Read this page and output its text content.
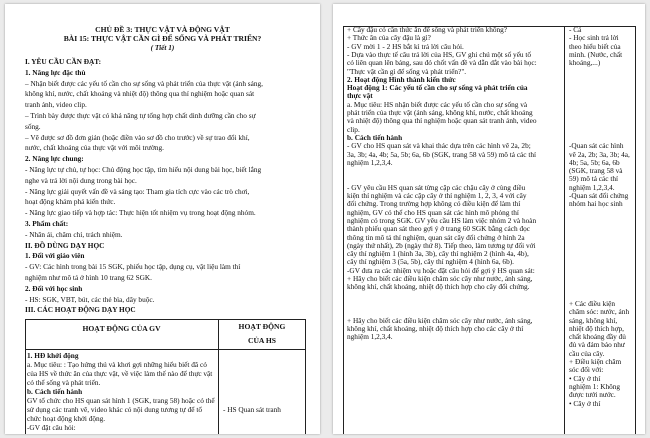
CHỦ ĐỀ 3: THỰC VẬT VÀ ĐỘNG VẬT
BÀI 15: THỰC VẬT CẦN GÌ ĐỂ SỐNG VÀ PHÁT TRIỂN?
( Tiết 1)
I. YÊU CẦU CẦN ĐẠT:
1. Năng lực đặc thù
– Nhận biết được các yếu tố cần cho sự sống và phát triển của thực vật (ánh sáng,
không khí, nước, chất khoáng và nhiệt độ) thông qua thí nghiệm hoặc quan sát
tranh ảnh, video clip.
– Trình bày được thực vật có khả năng tự tổng hợp chất dinh dưỡng cần cho sự
sống.
– Vẽ được sơ đồ đơn giản (hoặc điền vào sơ đồ cho trước) về sự trao đổi khí,
nước, chất khoáng của thực vật với môi trường.
2. Năng lực chung:
- Năng lực tự chủ, tự học: Chủ động học tập, tìm hiểu nội dung bài học, biết lắng
nghe và trả lời nội dung trong bài học.
- Năng lực giải quyết vấn đề và sáng tạo: Tham gia tích cực vào các trò chơi,
hoạt động khám phá kiến thức.
- Năng lực giao tiếp và hợp tác: Thực hiện tốt nhiệm vụ trong hoạt động nhóm.
3. Phẩm chất:
- Nhân ái, chăm chỉ, trách nhiệm.
II. ĐỒ DÙNG DẠY HỌC
1. Đối với giáo viên
- GV: Các hình trong bài 15 SGK, phiếu học tập, dụng cụ, vật liệu làm thí
nghiệm như mô tả ở hình 10 trang 62 SGK.
2. Đối với học sinh
- HS: SGK, VBT, bút, các thẻ bìa, dây buộc.
III. CÁC HOẠT ĐỘNG DẠY HỌC
HOẠT ĐỘNG CỦA GV	HOẠT ĐỘNG
CỦA HS
1. HĐ khởi động
a. Mục tiêu: : Tạo hứng thú và khơi gợi những hiểu biết đã có
của HS về thức ăn của thực vật, về việc làm thế nào để thực vật
có thể sống và phát triển.
b. Cách tiến hành
GV tổ chức cho HS quan sát hình 1 (SGK, trang 58) hoặc có thể
sử dụng các tranh vẽ, video khác có nội dung tương tự để tổ
chức hoạt động khởi động.
-GV đặt câu hỏi:
- HS Quan sát tranh
+ Cây đậu có cần thức ăn để sống và phát triển không?
+ Thức ăn của cây đậu là gì?
- GV mời 1 - 2 HS bắt kì trả lời câu hỏi.
- Dựa vào thực tế câu trả lời của HS, GV ghi chú một số yếu tố
có liên quan lên bảng, sau đó chốt vấn đề và dẫn dắt vào bài học:
"Thực vật cần gì để sống và phát triển?".
2. Hoạt động Hình thành kiến thức
Hoạt động 1: Các yếu tố cần cho sự sống và phát triển của
thực vật
a. Mục tiêu: HS nhận biết được các yếu tố cần cho sự sống và
phát triển của thực vật (ánh sáng, không khí, nước, chất khoáng
và nhiệt độ) thông qua thí nghiệm hoặc quan sát tranh ảnh, video
clip.
b. Cách tiến hành
- GV cho HS quan sát và khai thác dựa trên các hình vẽ 2a, 2b;
3a, 3b; 4a, 4b; 5a, 5b; 6a, 6b (SGK, trang 58 và 59) mô tả các thí
nghiệm 1,2,3,4.
- GV yêu cầu HS quan sát từng cặp các chậu cây ở cùng điều
kiện thí nghiệm và các cặp cây ở thí nghiệm 1, 2, 3, 4 với cây
đối chứng. Trong trường hợp không có điều kiện để làm thí
nghiệm, GV có thể cho HS quan sát các hình mô phỏng thí
nghiệm có trong SGK. GV yêu cầu HS làm việc nhóm 2 và hoàn
thành phiếu quan sát theo gợi ý ở trang 60 SGK bằng cách đọc
thông tin mô tả thí nghiệm, quan sát cây đối chứng ở hình 2a
(ngày thứ nhất), 2b (ngày thứ 8). Tiếp theo, làm tương tự đối với
cây thí nghiệm 1 (hình 3a, 3b), cây thí nghiệm 2 (hình 4a, 4b),
cây thí nghiệm 3 (5a, 5b), cây thí nghiệm 4 (hình 6a, 6b).
-GV đưa ra các nhiệm vụ hoặc đặt câu hỏi để gợi ý HS quan sát:
+ Hãy cho biết các điều kiện chăm sóc cây như nước, ánh sáng,
không khí, chất khoáng, nhiệt độ thích hợp cho cây đối chứng.
+ Hãy cho biết các điều kiện chăm sóc cây như nước, ánh sáng,
không khí, chất khoáng, nhiệt độ thích hợp cho các cây ở thí
nghiệm 1,2,3,4.
- Cá
- Học sinh trả lời
theo hiểu biết của
mình. (Nước, chất
khoáng,...)
-Quan sát các hình
vẽ 2a, 2b; 3a, 3b; 4a,
4b; 5a, 5b; 6a, 6b
(SGK, trang 58 và
59) mô tả các thí
nghiệm 1,2,3,4.
-Quan sát đối chứng
nhóm hai học sinh
+ Các điều kiện
chăm sóc: nước, ánh
sáng, không khí,
nhiệt độ thích hợp,
chất khoáng đầy đủ
đủ và đảm bảo như
cầu của cây.
+ Điều kiện chăm
sóc đối với:
• Cây ở thí
nghiệm 1: Không
được tưới nước.
• Cây ở thí
